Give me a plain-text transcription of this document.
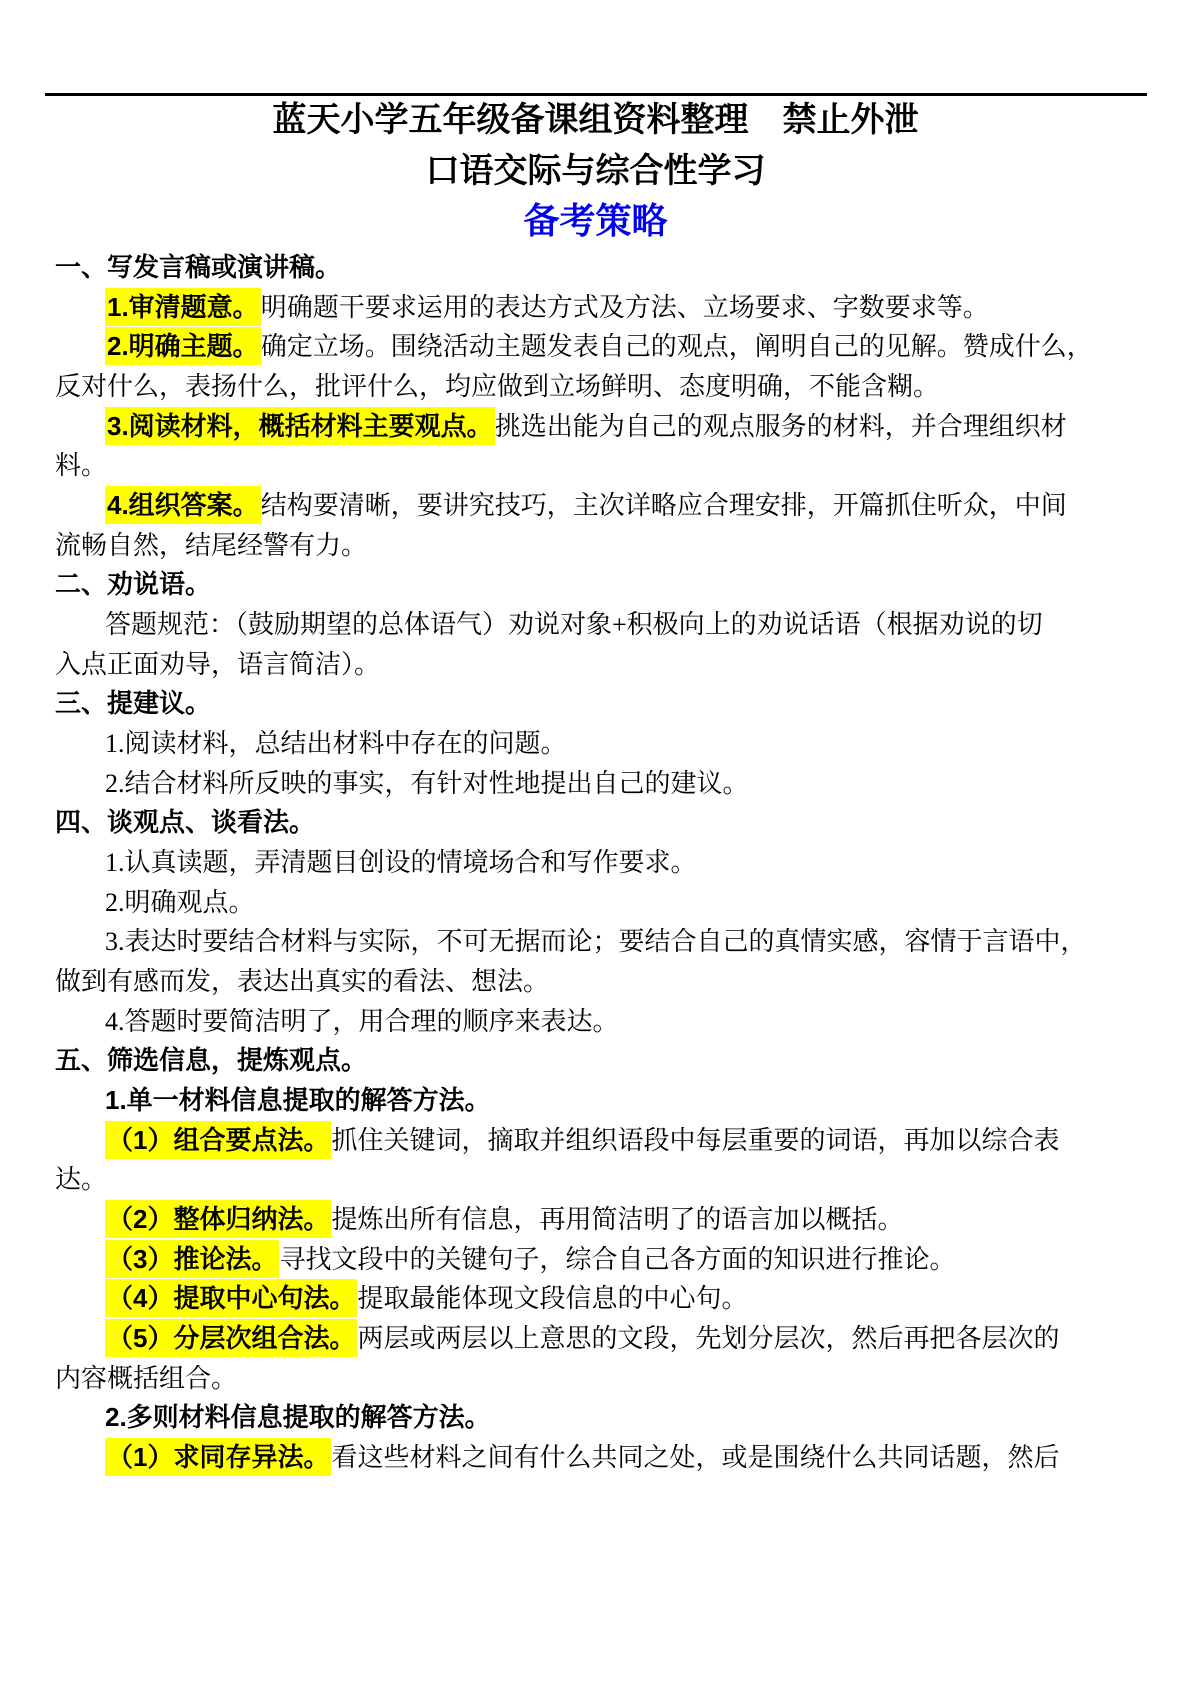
蓝天小学五年级备课组资料整理　禁止外泄
口语交际与综合性学习
备考策略
一、写发言稿或演讲稿。
1.审清题意。明确题干要求运用的表达方式及方法、立场要求、字数要求等。
2.明确主题。确定立场。围绕活动主题发表自己的观点，阐明自己的见解。赞成什么，
反对什么，表扬什么，批评什么，均应做到立场鲜明、态度明确，不能含糊。
3.阅读材料，概括材料主要观点。挑选出能为自己的观点服务的材料，并合理组织材
料。
4.组织答案。结构要清晰，要讲究技巧，主次详略应合理安排，开篇抓住听众，中间
流畅自然，结尾经警有力。
二、劝说语。
答题规范：（鼓励期望的总体语气）劝说对象+积极向上的劝说话语（根据劝说的切
入点正面劝导，语言简洁）。
三、提建议。
1.阅读材料，总结出材料中存在的问题。
2.结合材料所反映的事实，有针对性地提出自己的建议。
四、谈观点、谈看法。
1.认真读题，弄清题目创设的情境场合和写作要求。
2.明确观点。
3.表达时要结合材料与实际，不可无据而论；要结合自己的真情实感，容情于言语中，
做到有感而发，表达出真实的看法、想法。
4.答题时要简洁明了，用合理的顺序来表达。
五、筛选信息，提炼观点。
1.单一材料信息提取的解答方法。
（1）组合要点法。抓住关键词，摘取并组织语段中每层重要的词语，再加以综合表
达。
（2）整体归纳法。提炼出所有信息，再用简洁明了的语言加以概括。
（3）推论法。寻找文段中的关键句子，综合自己各方面的知识进行推论。
（4）提取中心句法。提取最能体现文段信息的中心句。
（5）分层次组合法。两层或两层以上意思的文段，先划分层次，然后再把各层次的
内容概括组合。
2.多则材料信息提取的解答方法。
（1）求同存异法。看这些材料之间有什么共同之处，或是围绕什么共同话题，然后
